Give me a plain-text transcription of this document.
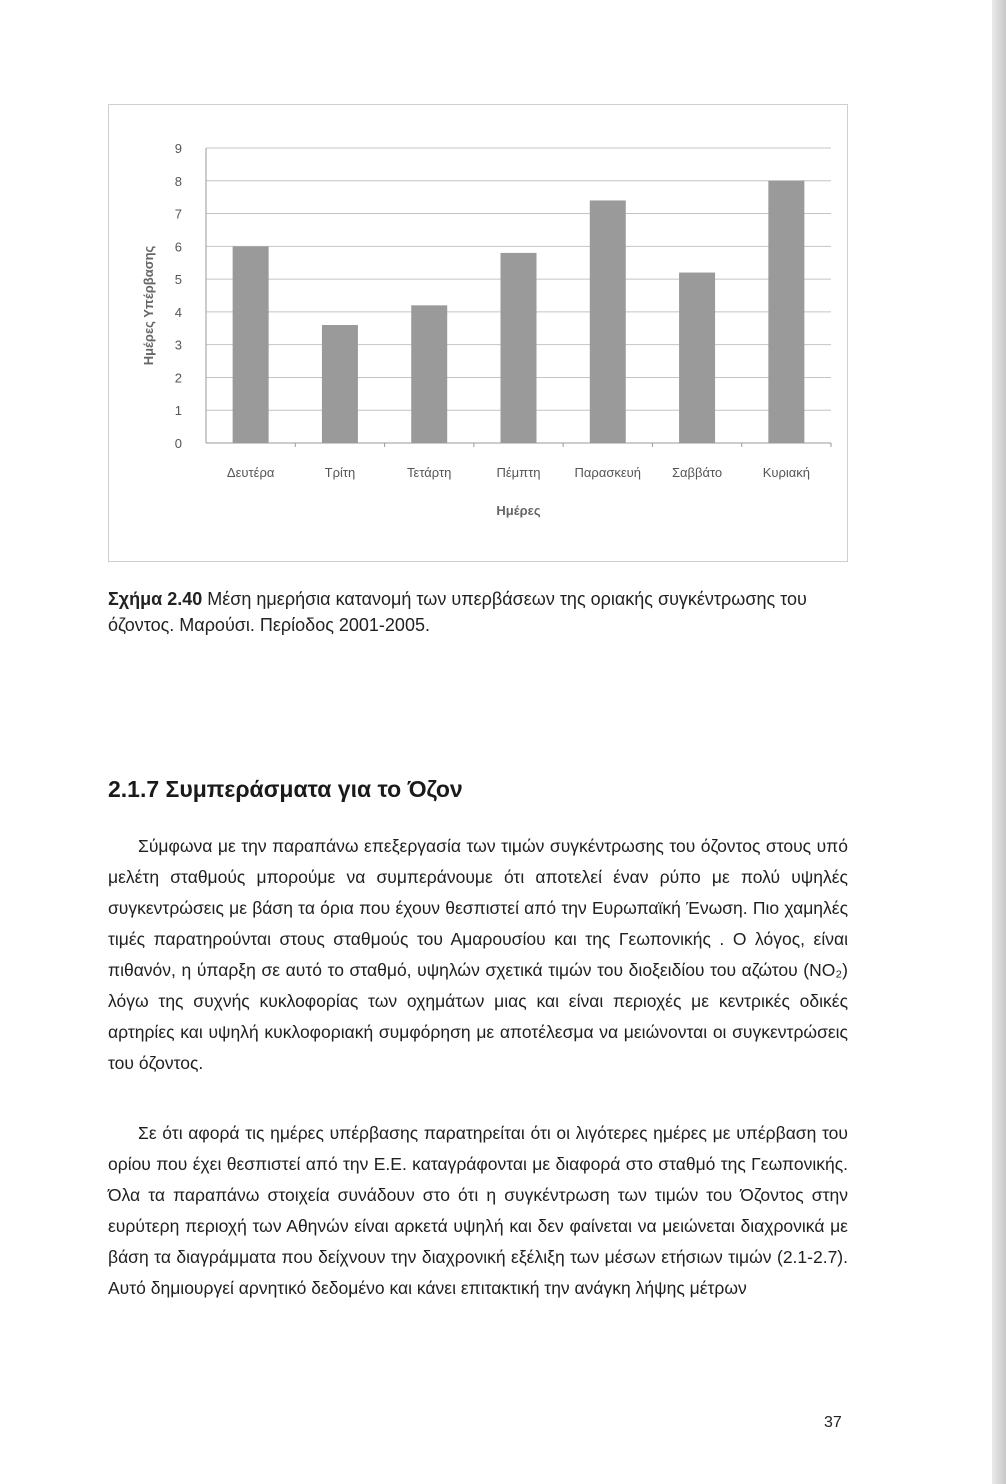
0
1
2
3
4
5
6
7
8
9
Δευτέρα	Τρίτη	Τετάρτη	Πέμπτη	Παρασκευή Σαββάτο	Κυριακή
Ημέρες
Ημέρες Υπέρβασης

Σχήμα 2.40 Μέση ημερήσια κατανομή των υπερβάσεων της οριακής συγκέντρωσης του όζοντος. Μαρούσι. Περίοδος 2001-2005.

2.1.7 Συμπεράσματα για το Όζον

Σύμφωνα με την παραπάνω επεξεργασία των τιμών συγκέντρωσης του όζοντος στους υπό μελέτη σταθμούς μπορούμε να συμπεράνουμε ότι αποτελεί έναν ρύπο με πολύ υψηλές συγκεντρώσεις με βάση τα όρια που έχουν θεσπιστεί από την Ευρωπαϊκή Ένωση. Πιο χαμηλές τιμές παρατηρούνται στους σταθμούς του Αμαρουσίου και της Γεωπονικής . Ο λόγος, είναι πιθανόν, η ύπαρξη σε αυτό το σταθμό, υψηλών σχετικά τιμών του διοξειδίου του αζώτου (NO₂) λόγω της συχνής κυκλοφορίας των οχημάτων μιας και είναι περιοχές με κεντρικές οδικές αρτηρίες και υψηλή κυκλοφοριακή συμφόρηση με αποτέλεσμα να μειώνονται οι συγκεντρώσεις του όζοντος.

Σε ότι αφορά τις ημέρες υπέρβασης παρατηρείται ότι οι λιγότερες ημέρες με υπέρβαση του ορίου που έχει θεσπιστεί από την Ε.Ε. καταγράφονται με διαφορά στο σταθμό της Γεωπονικής. Όλα τα παραπάνω στοιχεία συνάδουν στο ότι η συγκέντρωση των τιμών του Όζοντος στην ευρύτερη περιοχή των Αθηνών είναι αρκετά υψηλή και δεν φαίνεται να μειώνεται διαχρονικά με βάση τα διαγράμματα που δείχνουν την διαχρονική εξέλιξη των μέσων ετήσιων τιμών (2.1-2.7). Αυτό δημιουργεί αρνητικό δεδομένο και κάνει επιτακτική την ανάγκη λήψης μέτρων

37
